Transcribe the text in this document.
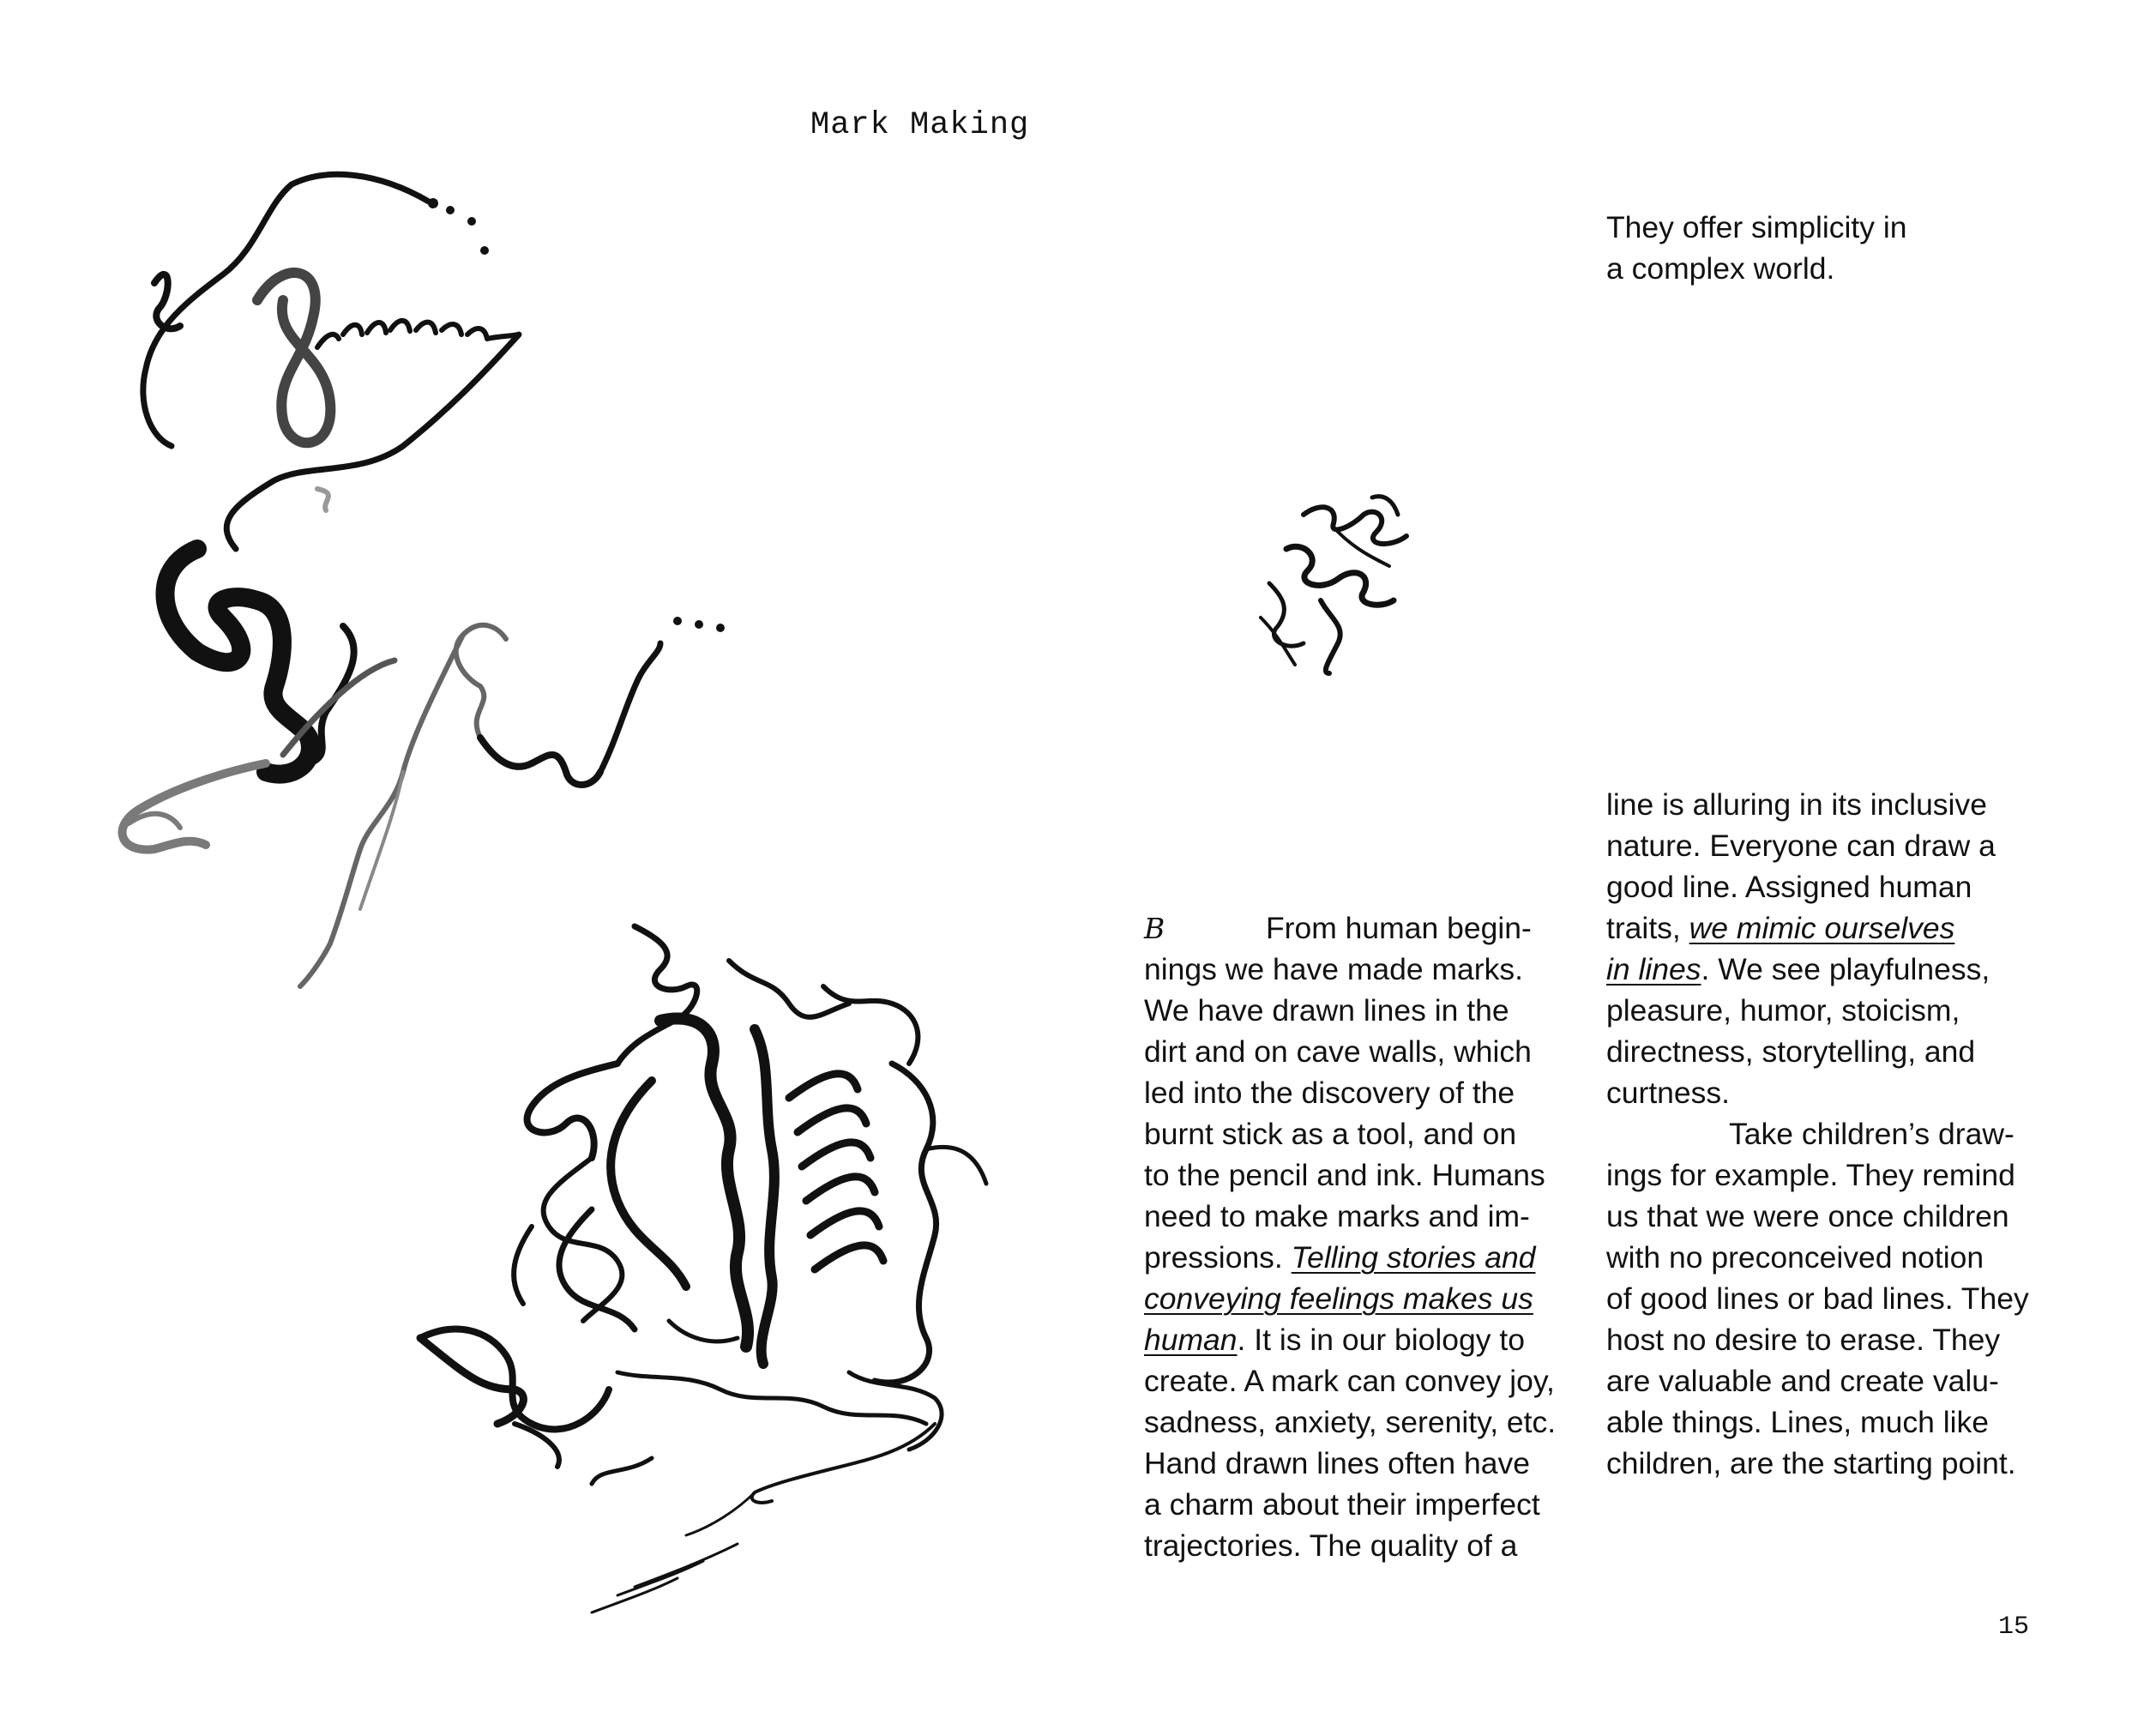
Mark Making
They offer simplicity in
a complex world.
B	From human begin-
nings we have made marks.
We have drawn lines in the
dirt and on cave walls, which
led into the discovery of the
burnt stick as a tool, and on
to the pencil and ink. Humans
need to make marks and im-
pressions. Telling stories and
conveying feelings makes us
human. It is in our biology to
create. A mark can convey joy,
sadness, anxiety, serenity, etc.
Hand drawn lines often have
a charm about their imperfect
trajectories. The quality of a
line is alluring in its inclusive
nature. Everyone can draw a
good line. Assigned human
traits, we mimic ourselves
in lines. We see playfulness,
pleasure, humor, stoicism,
directness, storytelling, and
curtness.
Take children’s draw-
ings for example. They remind
us that we were once children
with no preconceived notion
of good lines or bad lines. They
host no desire to erase. They
are valuable and create valu-
able things. Lines, much like
children, are the starting point.
15
